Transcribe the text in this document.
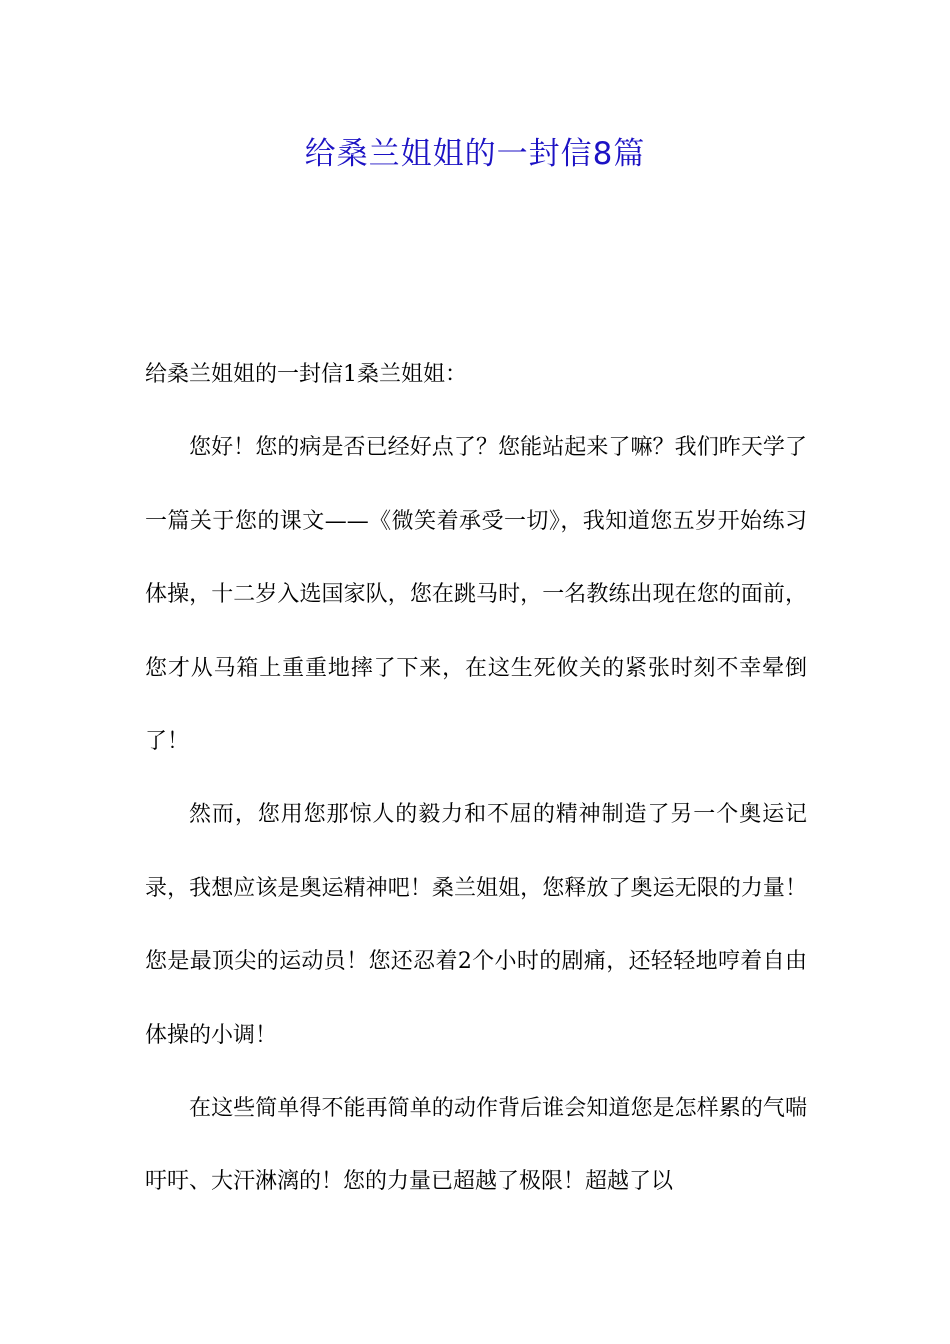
给桑兰姐姐的一封信8篇

给桑兰姐姐的一封信1桑兰姐姐：

您好！您的病是否已经好点了？您能站起来了嘛？我们昨天学了一篇关于您的课文——《微笑着承受一切》，我知道您五岁开始练习体操，十二岁入选国家队，您在跳马时，一名教练出现在您的面前，您才从马箱上重重地摔了下来，在这生死攸关的紧张时刻不幸晕倒了！

然而，您用您那惊人的毅力和不屈的精神制造了另一个奥运记录，我想应该是奥运精神吧！桑兰姐姐，您释放了奥运无限的力量！您是最顶尖的运动员！您还忍着2个小时的剧痛，还轻轻地哼着自由体操的小调！

在这些简单得不能再简单的动作背后谁会知道您是怎样累的气喘吁吁、大汗淋漓的！您的力量已超越了极限！超越了以
